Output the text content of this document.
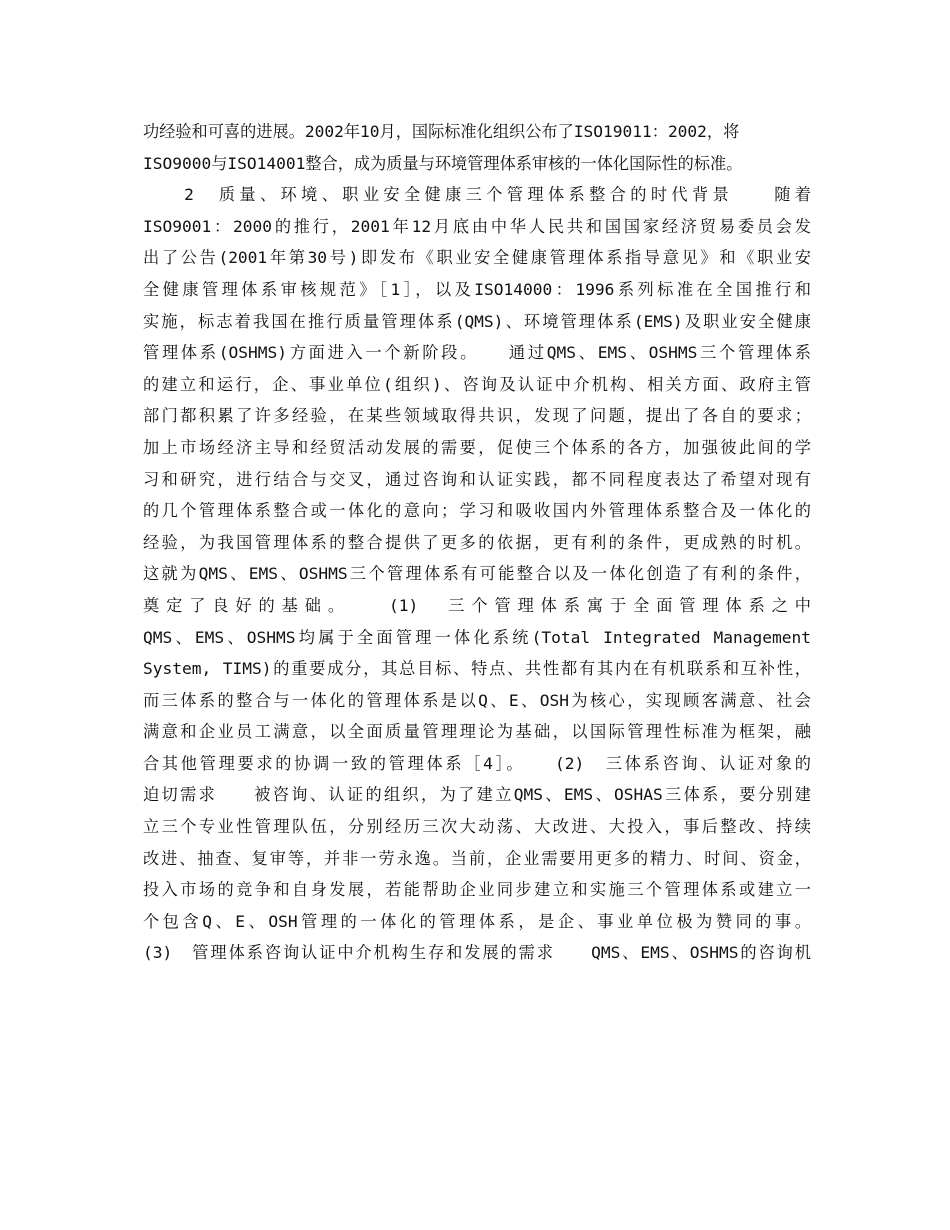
功经验和可喜的进展。2002年10月，国际标准化组织公布了ISO19011：2002，将
ISO9000与ISO14001整合，成为质量与环境管理体系审核的一体化国际性的标准。
　　2　质量、环境、职业安全健康三个管理体系整合的时代背景　　随着
ISO9001：2000的推行，2001年12月底由中华人民共和国国家经济贸易委员会发
出了公告(2001年第30号)即发布《职业安全健康管理体系指导意见》和《职业安
全健康管理体系审核规范》［1］，以及ISO14000：1996系列标准在全国推行和
实施，标志着我国在推行质量管理体系(QMS)、环境管理体系(EMS)及职业安全健康
管理体系(OSHMS)方面进入一个新阶段。　　通过QMS、EMS、OSHMS三个管理体系
的建立和运行，企、事业单位(组织)、咨询及认证中介机构、相关方面、政府主管
部门都积累了许多经验，在某些领域取得共识，发现了问题，提出了各自的要求；
加上市场经济主导和经贸活动发展的需要，促使三个体系的各方，加强彼此间的学
习和研究，进行结合与交叉，通过咨询和认证实践，都不同程度表达了希望对现有
的几个管理体系整合或一体化的意向；学习和吸收国内外管理体系整合及一体化的
经验，为我国管理体系的整合提供了更多的依据，更有利的条件，更成熟的时机。
这就为QMS、EMS、OSHMS三个管理体系有可能整合以及一体化创造了有利的条件，
奠定了良好的基础。　　(1)　三个管理体系寓于全面管理体系之中
QMS、EMS、OSHMS均属于全面管理一体化系统(Total Integrated Management
System, TIMS)的重要成分，其总目标、特点、共性都有其内在有机联系和互补性，
而三体系的整合与一体化的管理体系是以Q、E、OSH为核心，实现顾客满意、社会
满意和企业员工满意，以全面质量管理理论为基础，以国际管理性标准为框架，融
合其他管理要求的协调一致的管理体系［4］。　　(2)　三体系咨询、认证对象的
迫切需求　　被咨询、认证的组织，为了建立QMS、EMS、OSHAS三体系，要分别建
立三个专业性管理队伍，分别经历三次大动荡、大改进、大投入，事后整改、持续
改进、抽查、复审等，并非一劳永逸。当前，企业需要用更多的精力、时间、资金，
投入市场的竞争和自身发展，若能帮助企业同步建立和实施三个管理体系或建立一
个包含Q、E、OSH管理的一体化的管理体系，是企、事业单位极为赞同的事。
(3)　管理体系咨询认证中介机构生存和发展的需求　　QMS、EMS、OSHMS的咨询机
